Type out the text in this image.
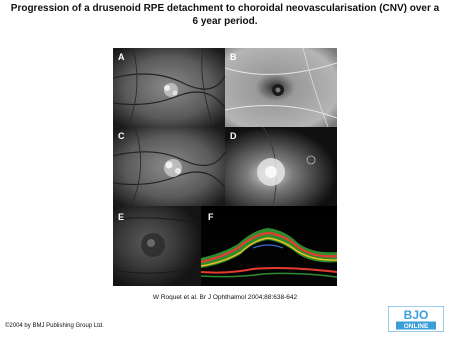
Progression of a drusenoid RPE detachment to choroidal neovascularisation (CNV) over a 6 year period.
A	B
C	D
E	F
W Roquet et al. Br J Ophthalmol 2004;88:638-642
©2004 by BMJ Publishing Group Ltd.
BJO
ONLINE
